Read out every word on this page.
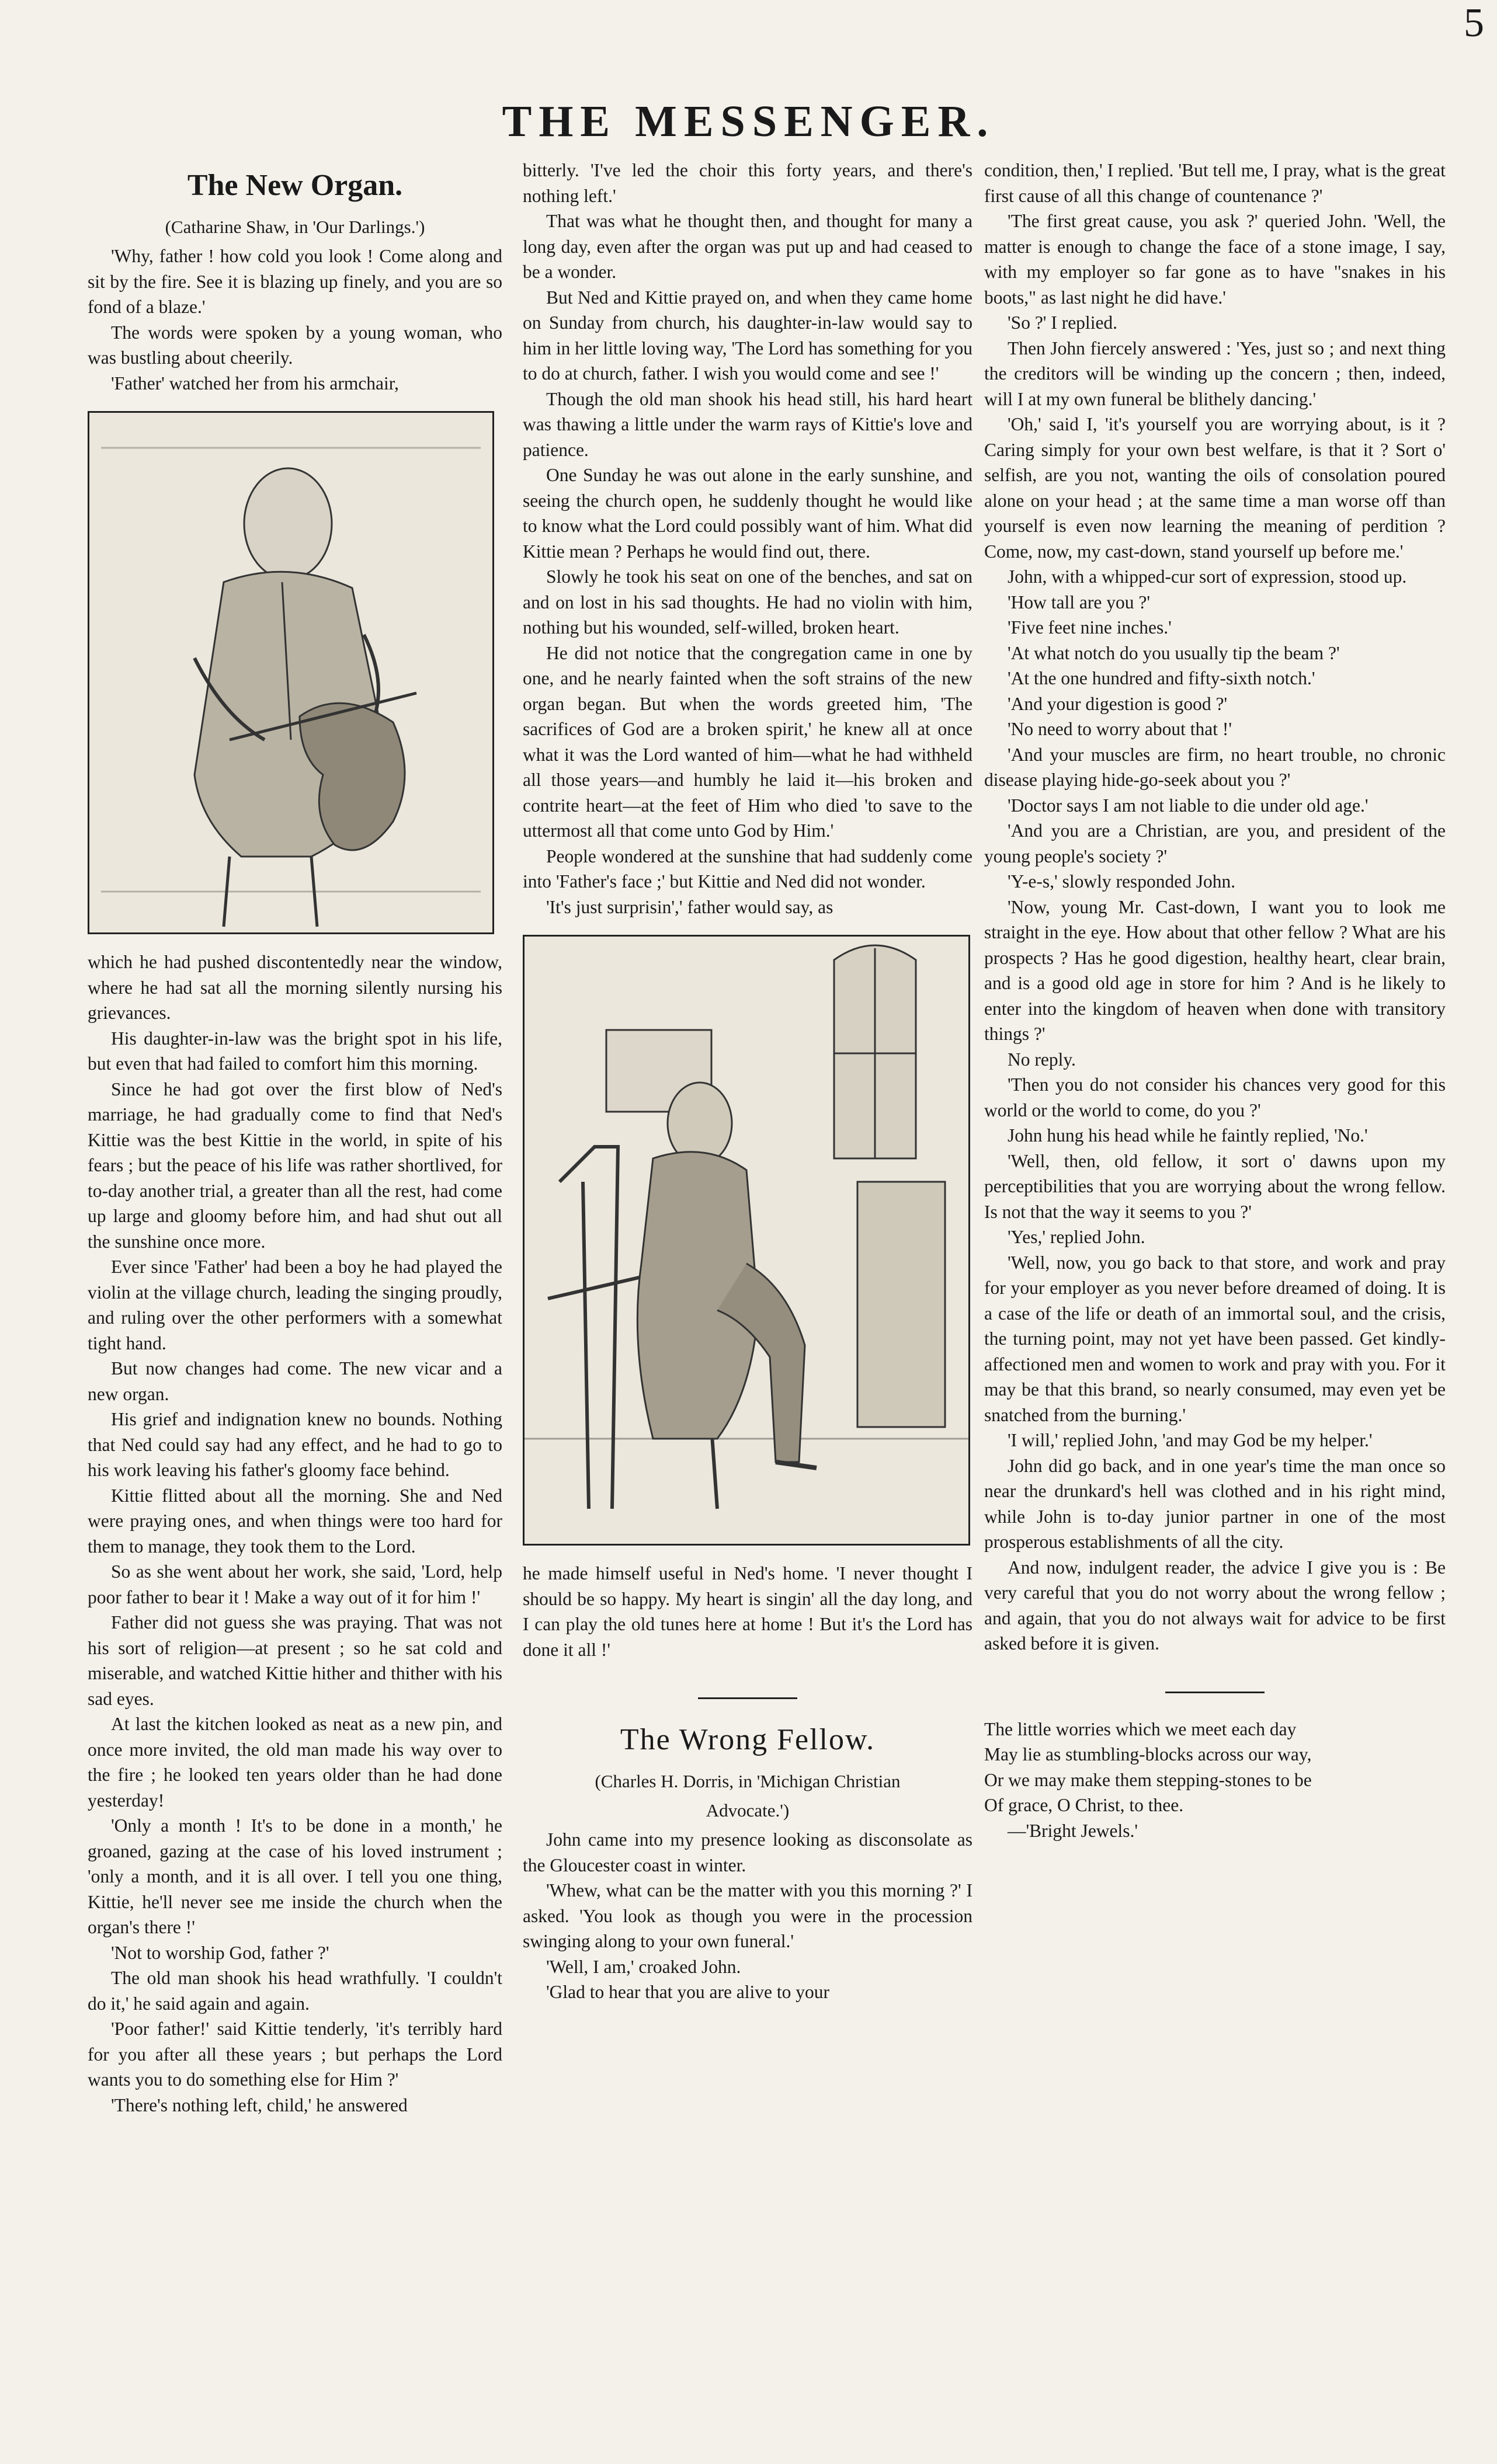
5
THE MESSENGER.
The New Organ.
(Catharine Shaw, in 'Our Darlings.')

'Why, father ! how cold you look ! Come along and sit by the fire. See it is blazing up finely, and you are so fond of a blaze.'

The words were spoken by a young woman, who was bustling about cheerily.

'Father' watched her from his armchair,

which he had pushed discontentedly near the window, where he had sat all the morning silently nursing his grievances.

His daughter-in-law was the bright spot in his life, but even that had failed to comfort him this morning.

Since he had got over the first blow of Ned's marriage, he had gradually come to find that Ned's Kittie was the best Kittie in the world, in spite of his fears ; but the peace of his life was rather shortlived, for to-day another trial, a greater than all the rest, had come up large and gloomy before him, and had shut out all the sunshine once more.

Ever since 'Father' had been a boy he had played the violin at the village church, leading the singing proudly, and ruling over the other performers with a somewhat tight hand.

But now changes had come. The new vicar and a new organ.

His grief and indignation knew no bounds. Nothing that Ned could say had any effect, and he had to go to his work leaving his father's gloomy face behind.

Kittie flitted about all the morning. She and Ned were praying ones, and when things were too hard for them to manage, they took them to the Lord.

So as she went about her work, she said, 'Lord, help poor father to bear it ! Make a way out of it for him !'

Father did not guess she was praying. That was not his sort of religion—at present ; so he sat cold and miserable, and watched Kittie hither and thither with his sad eyes.

At last the kitchen looked as neat as a new pin, and once more invited, the old man made his way over to the fire ; he looked ten years older than he had done yesterday!

'Only a month ! It's to be done in a month,' he groaned, gazing at the case of his loved instrument ; 'only a month, and it is all over. I tell you one thing, Kittie, he'll never see me inside the church when the organ's there !'

'Not to worship God, father ?'

The old man shook his head wrathfully. 'I couldn't do it,' he said again and again.

'Poor father!' said Kittie tenderly, 'it's terribly hard for you after all these years ; but perhaps the Lord wants you to do something else for Him ?'

'There's nothing left, child,' he answered

bitterly. 'I've led the choir this forty years, and there's nothing left.'

That was what he thought then, and thought for many a long day, even after the organ was put up and had ceased to be a wonder.

But Ned and Kittie prayed on, and when they came home on Sunday from church, his daughter-in-law would say to him in her little loving way, 'The Lord has something for you to do at church, father. I wish you would come and see !'

Though the old man shook his head still, his hard heart was thawing a little under the warm rays of Kittie's love and patience.

One Sunday he was out alone in the early sunshine, and seeing the church open, he suddenly thought he would like to know what the Lord could possibly want of him. What did Kittie mean ? Perhaps he would find out, there.

Slowly he took his seat on one of the benches, and sat on and on lost in his sad thoughts. He had no violin with him, nothing but his wounded, self-willed, broken heart.

He did not notice that the congregation came in one by one, and he nearly fainted when the soft strains of the new organ began. But when the words greeted him, 'The sacrifices of God are a broken spirit,' he knew all at once what it was the Lord wanted of him—what he had withheld all those years—and humbly he laid it—his broken and contrite heart—at the feet of Him who died 'to save to the uttermost all that come unto God by Him.'

People wondered at the sunshine that had suddenly come into 'Father's face ;' but Kittie and Ned did not wonder.

'It's just surprisin',' father would say, as

he made himself useful in Ned's home. 'I never thought I should be so happy. My heart is singin' all the day long, and I can play the old tunes here at home ! But it's the Lord has done it all !'

The Wrong Fellow.
(Charles H. Dorris, in 'Michigan Christian
Advocate.')

John came into my presence looking as disconsolate as the Gloucester coast in winter.

'Whew, what can be the matter with you this morning ?' I asked. 'You look as though you were in the procession swinging along to your own funeral.'

'Well, I am,' croaked John.

'Glad to hear that you are alive to your

condition, then,' I replied. 'But tell me, I pray, what is the great first cause of all this change of countenance ?'

'The first great cause, you ask ?' queried John. 'Well, the matter is enough to change the face of a stone image, I say, with my employer so far gone as to have "snakes in his boots," as last night he did have.'

'So ?' I replied.

Then John fiercely answered : 'Yes, just so ; and next thing the creditors will be winding up the concern ; then, indeed, will I at my own funeral be blithely dancing.'

'Oh,' said I, 'it's yourself you are worrying about, is it ? Caring simply for your own best welfare, is that it ? Sort o' selfish, are you not, wanting the oils of consolation poured alone on your head ; at the same time a man worse off than yourself is even now learning the meaning of perdition ? Come, now, my cast-down, stand yourself up before me.'

John, with a whipped-cur sort of expression, stood up.

'How tall are you ?'

'Five feet nine inches.'

'At what notch do you usually tip the beam ?'

'At the one hundred and fifty-sixth notch.'

'And your digestion is good ?'

'No need to worry about that !'

'And your muscles are firm, no heart trouble, no chronic disease playing hide-go-seek about you ?'

'Doctor says I am not liable to die under old age.'

'And you are a Christian, are you, and president of the young people's society ?'

'Y-e-s,' slowly responded John.

'Now, young Mr. Cast-down, I want you to look me straight in the eye. How about that other fellow ? What are his prospects ? Has he good digestion, healthy heart, clear brain, and is a good old age in store for him ? And is he likely to enter into the kingdom of heaven when done with transitory things ?'

No reply.

'Then you do not consider his chances very good for this world or the world to come, do you ?'

John hung his head while he faintly replied, 'No.'

'Well, then, old fellow, it sort o' dawns upon my perceptibilities that you are worrying about the wrong fellow. Is not that the way it seems to you ?'

'Yes,' replied John.

'Well, now, you go back to that store, and work and pray for your employer as you never before dreamed of doing. It is a case of the life or death of an immortal soul, and the crisis, the turning point, may not yet have been passed. Get kindly-affectioned men and women to work and pray with you. For it may be that this brand, so nearly consumed, may even yet be snatched from the burning.'

'I will,' replied John, 'and may God be my helper.'

John did go back, and in one year's time the man once so near the drunkard's hell was clothed and in his right mind, while John is to-day junior partner in one of the most prosperous establishments of all the city.

And now, indulgent reader, the advice I give you is : Be very careful that you do not worry about the wrong fellow ; and again, that you do not always wait for advice to be first asked before it is given.

The little worries which we meet each day
May lie as stumbling-blocks across our way,
Or we may make them stepping-stones to be
Of grace, O Christ, to thee.
—'Bright Jewels.'
